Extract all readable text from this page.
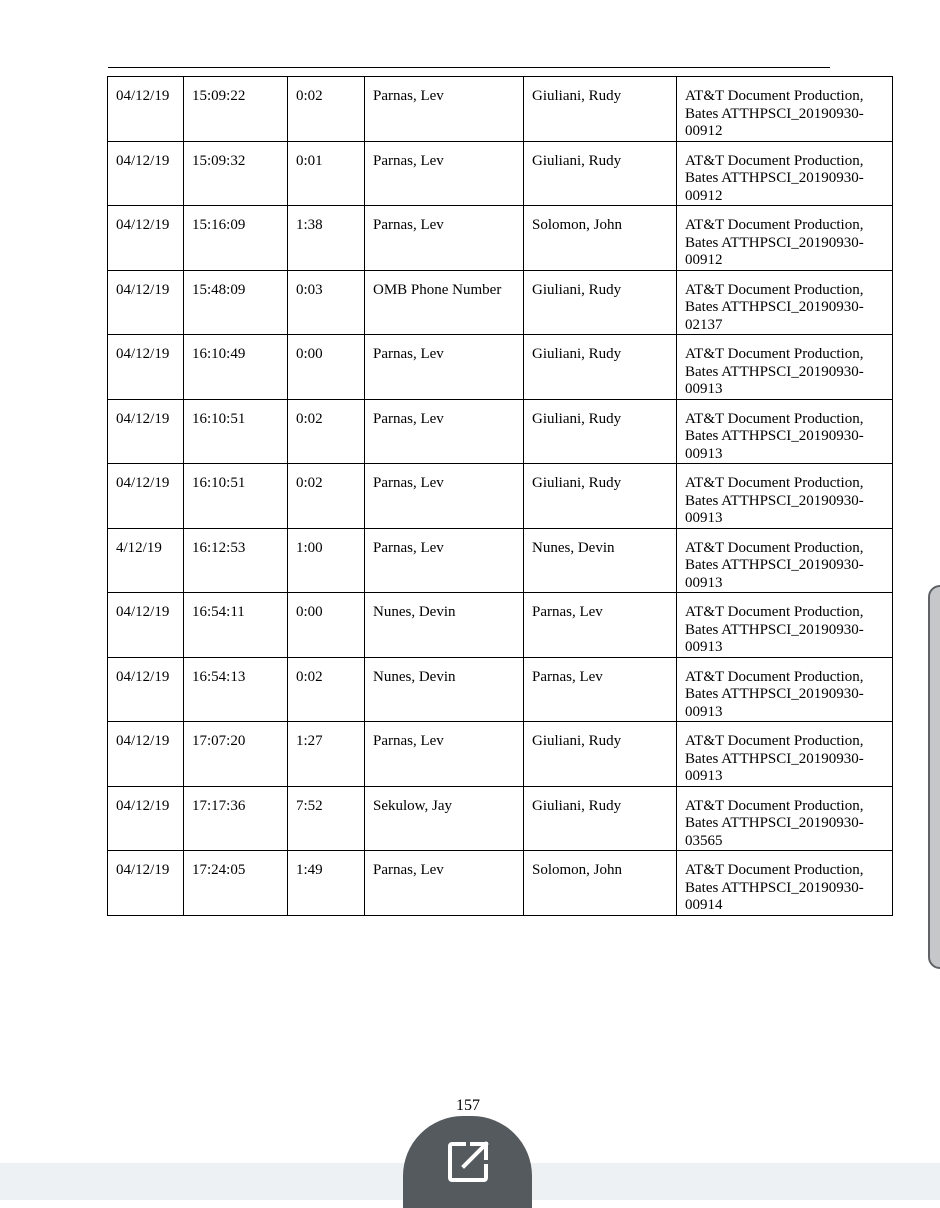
04/12/19	15:09:22	0:02	Parnas, Lev	Giuliani, Rudy	AT&T Document Production, Bates ATTHPSCI_20190930-00912
04/12/19	15:09:32	0:01	Parnas, Lev	Giuliani, Rudy	AT&T Document Production, Bates ATTHPSCI_20190930-00912
04/12/19	15:16:09	1:38	Parnas, Lev	Solomon, John	AT&T Document Production, Bates ATTHPSCI_20190930-00912
04/12/19	15:48:09	0:03	OMB Phone Number	Giuliani, Rudy	AT&T Document Production, Bates ATTHPSCI_20190930-02137
04/12/19	16:10:49	0:00	Parnas, Lev	Giuliani, Rudy	AT&T Document Production, Bates ATTHPSCI_20190930-00913
04/12/19	16:10:51	0:02	Parnas, Lev	Giuliani, Rudy	AT&T Document Production, Bates ATTHPSCI_20190930-00913
04/12/19	16:10:51	0:02	Parnas, Lev	Giuliani, Rudy	AT&T Document Production, Bates ATTHPSCI_20190930-00913
4/12/19	16:12:53	1:00	Parnas, Lev	Nunes, Devin	AT&T Document Production, Bates ATTHPSCI_20190930-00913
04/12/19	16:54:11	0:00	Nunes, Devin	Parnas, Lev	AT&T Document Production, Bates ATTHPSCI_20190930-00913
04/12/19	16:54:13	0:02	Nunes, Devin	Parnas, Lev	AT&T Document Production, Bates ATTHPSCI_20190930-00913
04/12/19	17:07:20	1:27	Parnas, Lev	Giuliani, Rudy	AT&T Document Production, Bates ATTHPSCI_20190930-00913
04/12/19	17:17:36	7:52	Sekulow, Jay	Giuliani, Rudy	AT&T Document Production, Bates ATTHPSCI_20190930-03565
04/12/19	17:24:05	1:49	Parnas, Lev	Solomon, John	AT&T Document Production, Bates ATTHPSCI_20190930-00914
157
